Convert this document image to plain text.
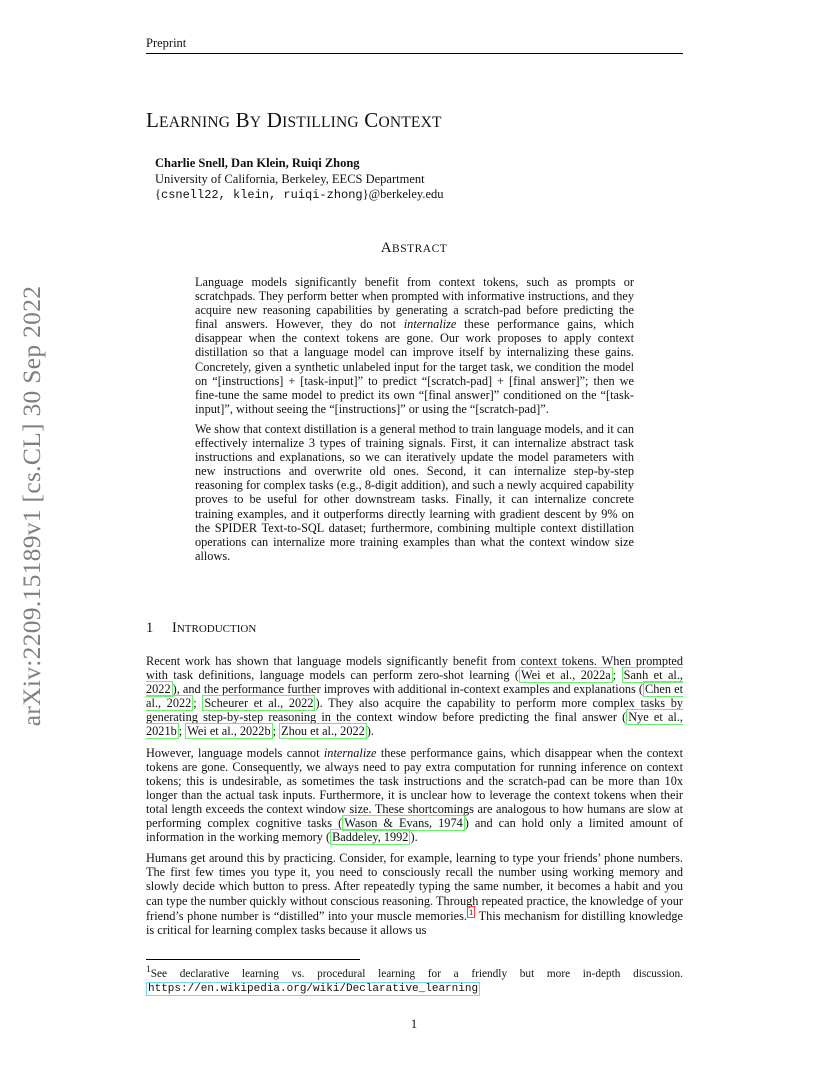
Preprint
arXiv:2209.15189v1 [cs.CL] 30 Sep 2022
LEARNING BY DISTILLING CONTEXT
Charlie Snell, Dan Klein, Ruiqi Zhong
University of California, Berkeley, EECS Department
{csnell22, klein, ruiqi-zhong}@berkeley.edu
ABSTRACT

Language models significantly benefit from context tokens, such as prompts or scratchpads. They perform better when prompted with informative instructions, and they acquire new reasoning capabilities by generating a scratch-pad before predicting the final answers. However, they do not internalize these performance gains, which disappear when the context tokens are gone. Our work proposes to apply context distillation so that a language model can improve itself by internalizing these gains. Concretely, given a synthetic unlabeled input for the target task, we condition the model on “[instructions] + [task-input]” to predict “[scratch-pad] + [final answer]”; then we fine-tune the same model to predict its own “[final answer]” conditioned on the “[task-input]”, without seeing the “[instructions]” or using the “[scratch-pad]”.

We show that context distillation is a general method to train language models, and it can effectively internalize 3 types of training signals. First, it can internalize abstract task instructions and explanations, so we can iteratively update the model parameters with new instructions and overwrite old ones. Second, it can internalize step-by-step reasoning for complex tasks (e.g., 8-digit addition), and such a newly acquired capability proves to be useful for other downstream tasks. Finally, it can internalize concrete training examples, and it outperforms directly learning with gradient descent by 9% on the SPIDER Text-to-SQL dataset; furthermore, combining multiple context distillation operations can internalize more training examples than what the context window size allows.

1 INTRODUCTION

Recent work has shown that language models significantly benefit from context tokens. When prompted with task definitions, language models can perform zero-shot learning ( Wei et al., 2022a ; Sanh et al., 2022 ), and the performance further improves with additional in-context examples and explanations ( Chen et al., 2022 ; Scheurer et al., 2022 ). They also acquire the capability to perform more complex tasks by generating step-by-step reasoning in the context window before predicting the final answer ( Nye et al., 2021b ; Wei et al., 2022b ; Zhou et al., 2022 ).

However, language models cannot internalize these performance gains, which disappear when the context tokens are gone. Consequently, we always need to pay extra computation for running inference on context tokens; this is undesirable, as sometimes the task instructions and the scratch-pad can be more than 10x longer than the actual task inputs. Furthermore, it is unclear how to leverage the context tokens when their total length exceeds the context window size. These shortcomings are analogous to how humans are slow at performing complex cognitive tasks ( Wason & Evans, 1974 ) and can hold only a limited amount of information in the working memory ( Baddeley, 1992 ).

Humans get around this by practicing. Consider, for example, learning to type your friends’ phone numbers. The first few times you type it, you need to consciously recall the number using working memory and slowly decide which button to press. After repeatedly typing the same number, it becomes a habit and you can type the number quickly without conscious reasoning. Through repeated practice, the knowledge of your friend’s phone number is “distilled” into your muscle memories. $^1$ This mechanism for distilling knowledge is critical for learning complex tasks because it allows us

$^1$See declarative learning vs. procedural learning for a friendly but more in-depth discussion. https://en.wikipedia.org/wiki/Declarative_learning
1
